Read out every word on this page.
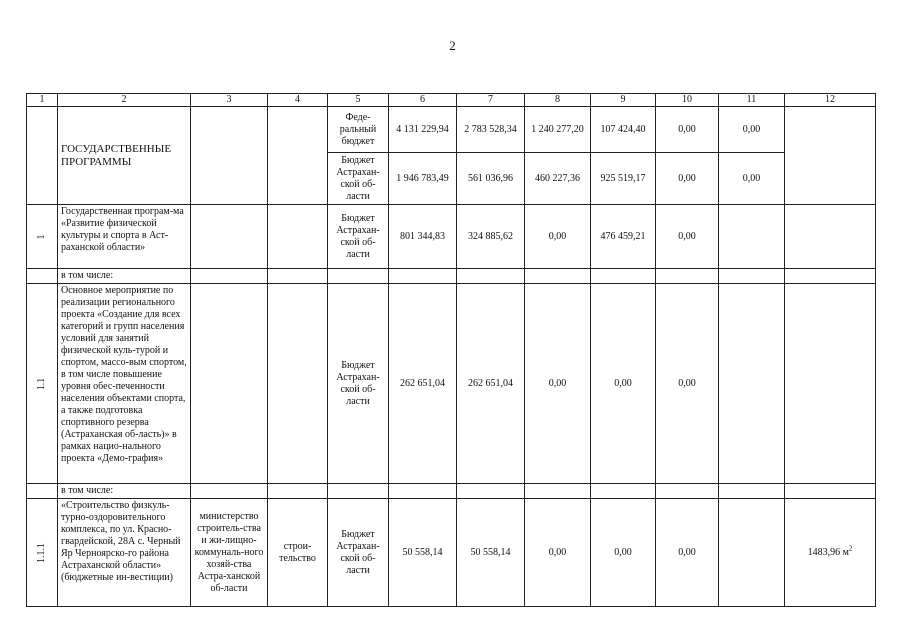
2
1	2	3	4	5	6	7	8	9	10	11	12
	ГОСУДАРСТВЕННЫЕ ПРОГРАММЫ			Феде-ральный бюджет	4 131 229,94	2 783 528,34	1 240 277,20	107 424,40	0,00	0,00	
				Бюджет Астрахан-ской об-ласти	1 946 783,49	561 036,96	460 227,36	925 519,17	0,00	0,00	

1	Государственная програм-ма «Развитие физической культуры и спорта в Аст-раханской области»			Бюджет Астрахан-ской об-ласти	801 344,83	324 885,62	0,00	476 459,21	0,00		
	в том числе:										

1.1	Основное мероприятие по реализации регионального проекта «Создание для всех категорий и групп населения условий для занятий физической куль-турой и спортом, массо-вым спортом, в том числе повышение уровня обес-печенности населения объектами спорта, а также подготовка спортивного резерва (Астраханская об-ласть)» в рамках нацио-нального проекта «Демо-графия»			Бюджет Астрахан-ской об-ласти	262 651,04	262 651,04	0,00	0,00	0,00		
	в том числе:										

1.1.1	«Строительство физкуль-турно-оздоровительного комплекса, по ул. Красно-гвардейской, 28А с. Черный Яр Черноярско-го района Астраханской области» (бюджетные ин-вестиции)	министерство строитель-ства и жи-лищно-коммуналь-ного хозяй-ства Астра-ханской об-ласти	строи-тельство	Бюджет Астрахан-ской об-ласти	50 558,14	50 558,14	0,00	0,00	0,00		1483,96 $м^2$
